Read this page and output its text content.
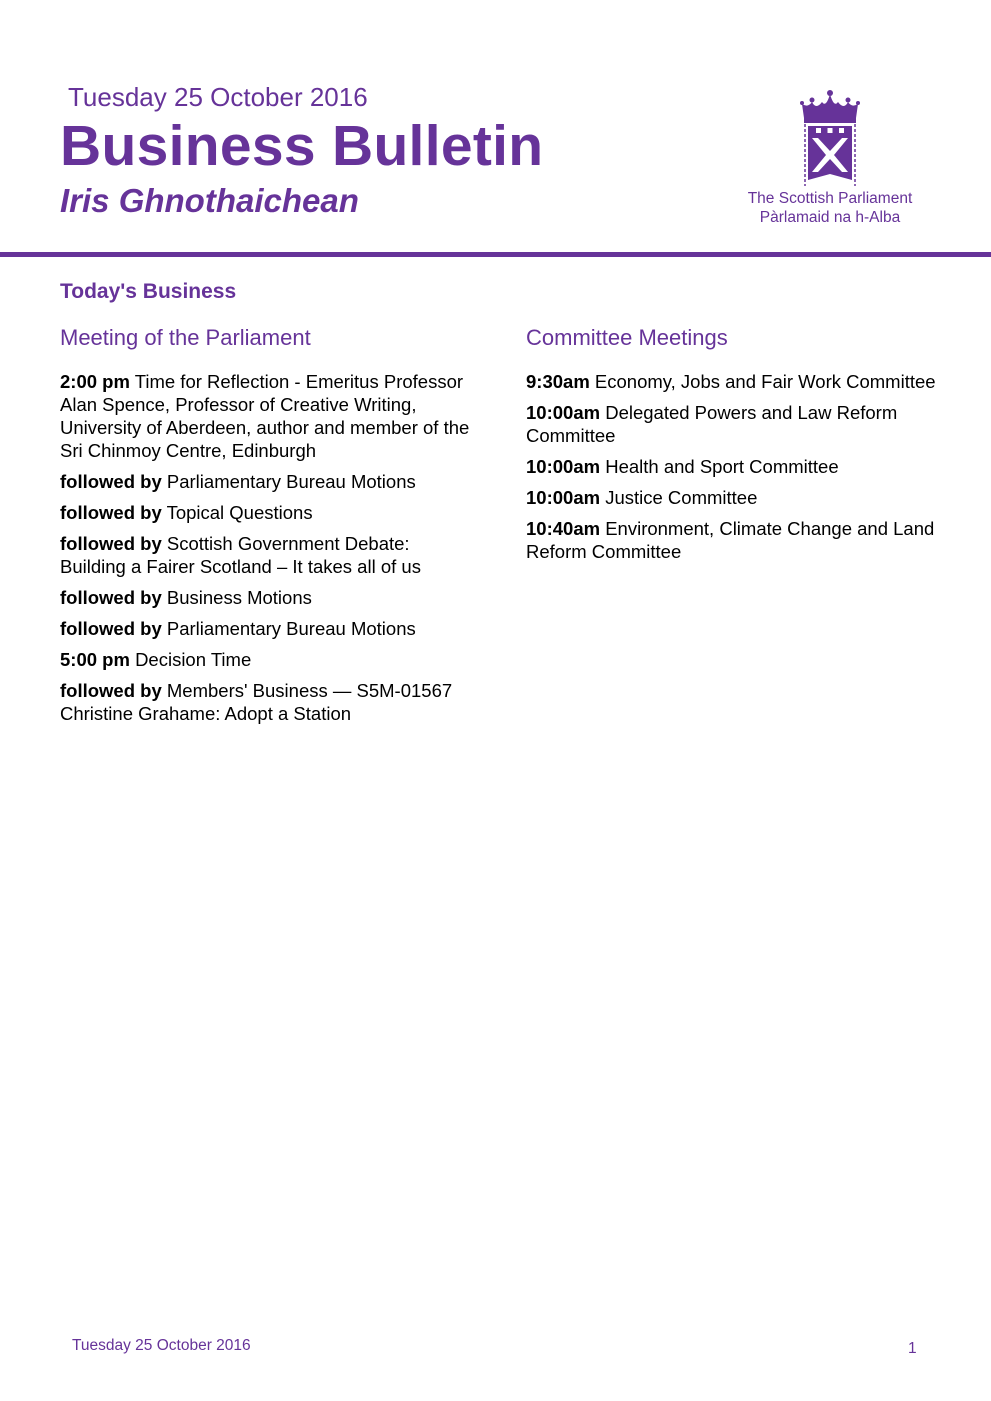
Tuesday 25 October 2016
Business Bulletin
Iris Ghnothaichean	The Scottish Parliament
Pàrlamaid na h-Alba
Today's Business
Meeting of the Parliament	Committee Meetings
2:00 pm Time for Reflection - Emeritus Professor Alan Spence, Professor of Creative Writing, University of Aberdeen, author and member of the Sri Chinmoy Centre, Edinburgh
followed by Parliamentary Bureau Motions
followed by Topical Questions
followed by Scottish Government Debate: Building a Fairer Scotland – It takes all of us
followed by Business Motions
followed by Parliamentary Bureau Motions
5:00 pm Decision Time
followed by Members' Business — S5M-01567 Christine Grahame: Adopt a Station
9:30am Economy, Jobs and Fair Work Committee
10:00am Delegated Powers and Law Reform Committee
10:00am Health and Sport Committee
10:00am Justice Committee
10:40am Environment, Climate Change and Land Reform Committee
Tuesday 25 October 2016	1
